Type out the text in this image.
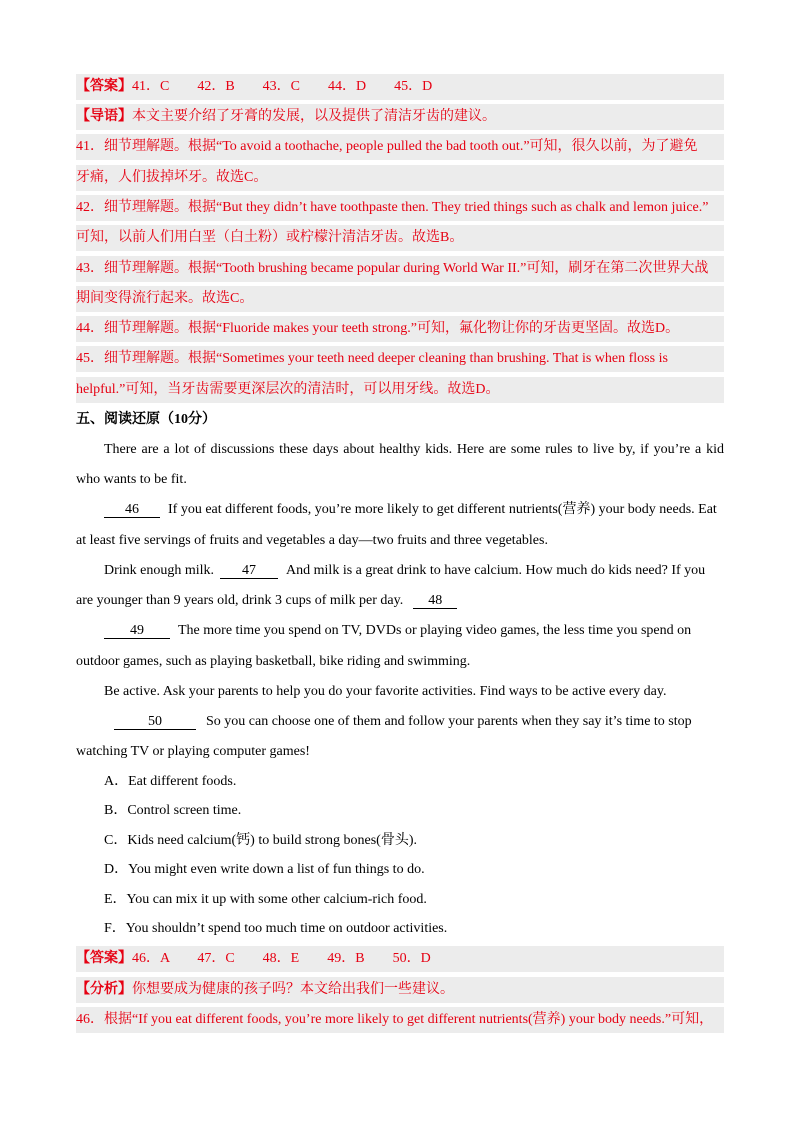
【答案】41．C　　42．B　　43．C　　44．D　　45．D
【导语】本文主要介绍了牙膏的发展，以及提供了清洁牙齿的建议。
41．细节理解题。根据“To avoid a toothache, people pulled the bad tooth out.”可知，很久以前，为了避免
牙痛，人们拔掉坏牙。故选C。
42．细节理解题。根据“But they didn’t have toothpaste then. They tried things such as chalk and lemon juice.”
可知，以前人们用白垩（白土粉）或柠檬汁清洁牙齿。故选B。
43．细节理解题。根据“Tooth brushing became popular during World War II.”可知，刷牙在第二次世界大战
期间变得流行起来。故选C。
44．细节理解题。根据“Fluoride makes your teeth strong.”可知，氟化物让你的牙齿更坚固。故选D。
45．细节理解题。根据“Sometimes your teeth need deeper cleaning than brushing. That is when floss is
helpful.”可知，当牙齿需要更深层次的清洁时，可以用牙线。故选D。
五、阅读还原（10分）
There are a lot of discussions these days about healthy kids. Here are some rules to live by, if you’re a kid
who wants to be fit.
46 If you eat different foods, you’re more likely to get different nutrients(营养) your body needs. Eat
at least five servings of fruits and vegetables a day—two fruits and three vegetables.
Drink enough milk. 47 And milk is a great drink to have calcium. How much do kids need? If you
are younger than 9 years old, drink 3 cups of milk per day. 48
49 The more time you spend on TV, DVDs or playing video games, the less time you spend on
outdoor games, such as playing basketball, bike riding and swimming.
Be active. Ask your parents to help you do your favorite activities. Find ways to be active every day.
50	So you can choose one of them and follow your parents when they say it’s time to stop
watching TV or playing computer games!
A．Eat different foods.
B．Control screen time.
C．Kids need calcium(钙) to build strong bones(骨头).
D．You might even write down a list of fun things to do.
E．You can mix it up with some other calcium-rich food.
F．You shouldn’t spend too much time on outdoor activities.
【答案】46．A　　47．C　　48．E　　49．B　　50．D
【分析】你想要成为健康的孩子吗？本文给出我们一些建议。
46．根据“If you eat different foods, you’re more likely to get different nutrients(营养) your body needs.”可知，
